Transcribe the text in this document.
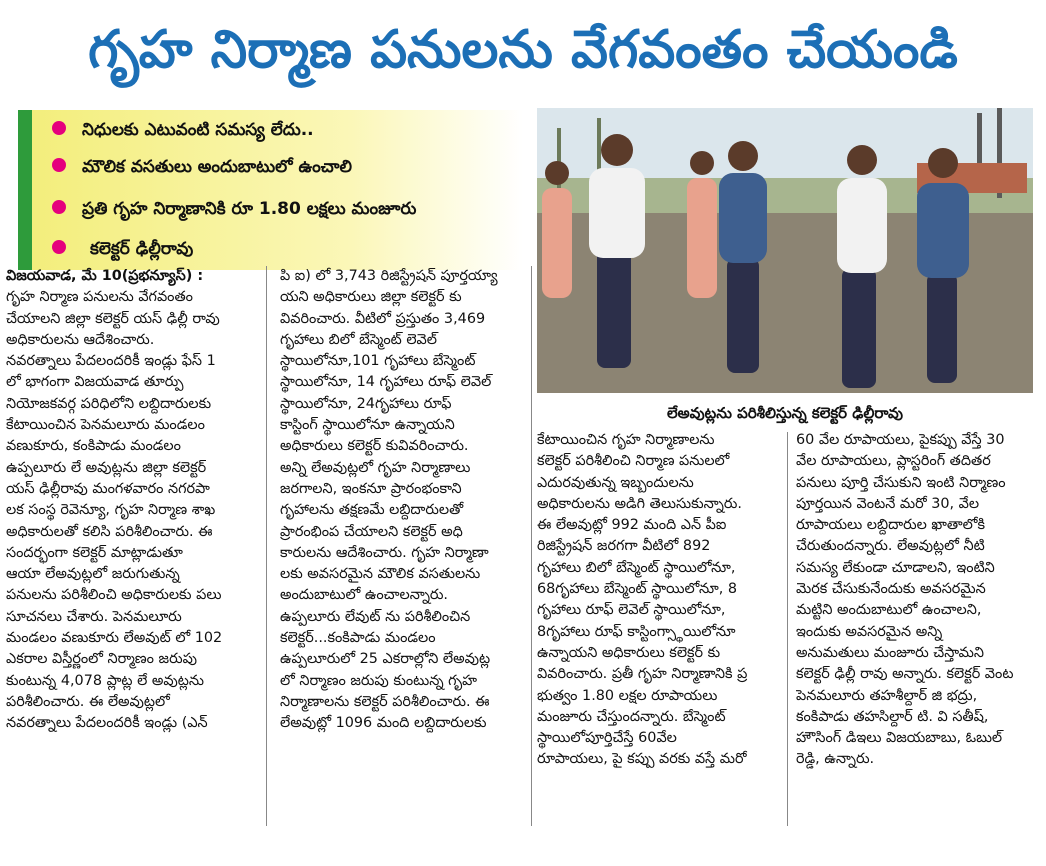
గృహ నిర్మాణ పనులను వేగవంతం చేయండి
నిధులకు ఎటువంటి సమస్య లేదు..
మౌలిక వసతులు అందుబాటులో ఉంచాలి
ప్రతి గృహ నిర్మాణానికి రూ 1.80 లక్షలు మంజూరు
కలెక్టర్ ఢిల్లీరావు
లేఅవుట్లను పరిశీలిస్తున్న కలెక్టర్ ఢిల్లీరావు
విజయవాడ, మే 10(ప్రభన్యూస్) :
గృహ నిర్మాణ పనులను వేగవంతం
చేయాలని జిల్లా కలెక్టర్ యస్ ఢిల్లీ రావు
అధికారులను ఆదేశించారు.
నవరత్నాలు పేదలందరికీ ఇండ్లు ఫేస్ 1
లో భాగంగా విజయవాడ తూర్పు
నియోజకవర్గ పరిధిలోని లబ్దిదారులకు
కేటాయించిన పెనమలూరు మండలం
వణుకూరు, కంకిపాడు మండలం
ఉప్పలూరు లే అవుట్లను జిల్లా కలెక్టర్
యస్ ఢిల్లీరావు మంగళవారం నగరపా
లక సంస్థ రెవెన్యూ, గృహ నిర్మాణ శాఖ
అధికారులతో కలిసి పరిశీలించారు. ఈ
సందర్భంగా కలెక్టర్ మాట్లాడుతూ
ఆయా లేఅవుట్లలో జరుగుతున్న
పనులను పరిశీలించి అధికారులకు పలు
సూచనలు చేశారు. పెనమలూరు
మండలం వణుకూరు లేఅవుట్ లో 102
ఎకరాల విస్తీర్ణంలో నిర్మాణం జరుపు
కుంటున్న 4,078 ప్లాట్ల లే అవుట్లను
పరిశీలించారు. ఈ లేఅవుట్లలో
నవరత్నాలు పేదలందరికీ ఇండ్లు (ఎన్
పి ఐ) లో 3,743 రిజిస్ట్రేషన్ పూర్తయ్యా
యని అధికారులు జిల్లా కలెక్టర్ కు
వివరించారు. వీటిలో ప్రస్తుతం 3,469
గృహాలు బిలో బేస్మెంట్ లెవెల్
స్థాయిలోనూ,101 గృహాలు బేస్మెంట్
స్థాయిలోనూ, 14 గృహాలు రూఫ్ లెవెల్
స్థాయిలోనూ, 24గృహాలు రూఫ్
కాస్టింగ్ స్థాయిలోనూ ఉన్నాయని
అధికారులు కలెక్టర్ కువివరించారు.
అన్ని లేఅవుట్లలో గృహ నిర్మాణాలు
జరగాలని, ఇంకనూ ప్రారంభంకాని
గృహాలను తక్షణమే లబ్దిదారులతో
ప్రారంభింప చేయాలని కలెక్టర్ అధి
కారులను ఆదేశించారు. గృహ నిర్మాణా
లకు అవసరమైన మౌలిక వసతులను
అందుబాటులో ఉంచాలన్నారు.
ఉప్పలూరు లేవుట్ ను పరిశీలించిన
కలెక్టర్...కంకిపాడు మండలం
ఉప్పలూరులో 25 ఎకరాల్లోని లేఅవుట్ల
లో నిర్మాణం జరుపు కుంటున్న గృహ
నిర్మాణాలను కలెక్టర్ పరిశీలించారు. ఈ
లేఅవుట్లో 1096 మంది లబ్దిదారులకు
కేటాయించిన గృహ నిర్మాణాలను
కలెక్టర్ పరిశీలించి నిర్మాణ పనులలో
ఎదురవుతున్న ఇబ్బందులను
అధికారులను అడిగి తెలుసుకున్నారు.
ఈ లేఅవుట్లో 992 మంది ఎన్ పీఐ
రిజిస్ట్రేషన్ జరగగా వీటిలో 892
గృహాలు బిలో బేస్మెంట్ స్థాయిలోనూ,
68గృహాలు బేస్మెంట్ స్థాయిలోనూ, 8
గృహాలు రూఫ్ లెవెల్ స్థాయిలోనూ,
8గృహాలు రూఫ్ కాస్టింగ్స్థాయిలోనూ
ఉన్నాయని అధికారులు కలెక్టర్ కు
వివరించారు. ప్రతీ గృహ నిర్మాణానికి ప్ర
భుత్వం 1.80 లక్షల రూపాయలు
మంజూరు చేస్తుందన్నారు. బేస్మెంట్
స్థాయిలోపూర్తిచేస్తే 60వేల
రూపాయలు, పై కప్పు వరకు వస్తే మరో
60 వేల రూపాయలు, పైకప్పు వేస్తే 30
వేల రూపాయలు, ప్లాస్టరింగ్ తదితర
పనులు పూర్తి చేసుకుని ఇంటి నిర్మాణం
పూర్తయిన వెంటనే మరో 30, వేల
రూపాయలు లబ్దిదారుల ఖాతాలోకి
చేరుతుందన్నారు. లేఅవుట్లలో నీటి
సమస్య లేకుండా చూడాలని, ఇంటిని
మెరక చేసుకునేందుకు అవసరమైన
మట్టిని అందుబాటులో ఉంచాలని,
ఇందుకు అవసరమైన అన్ని
అనుమతులు మంజూరు చేస్తామని
కలెక్టర్ ఢిల్లీ రావు అన్నారు. కలెక్టర్ వెంట
పెనమలూరు తహశీల్దార్ జి భద్రు,
కంకిపాడు తహసిల్దార్ టి. వి సతీష్,
హౌసింగ్ డిఇలు విజయబాబు, ఓబుల్
రెడ్డి, ఉన్నారు.
